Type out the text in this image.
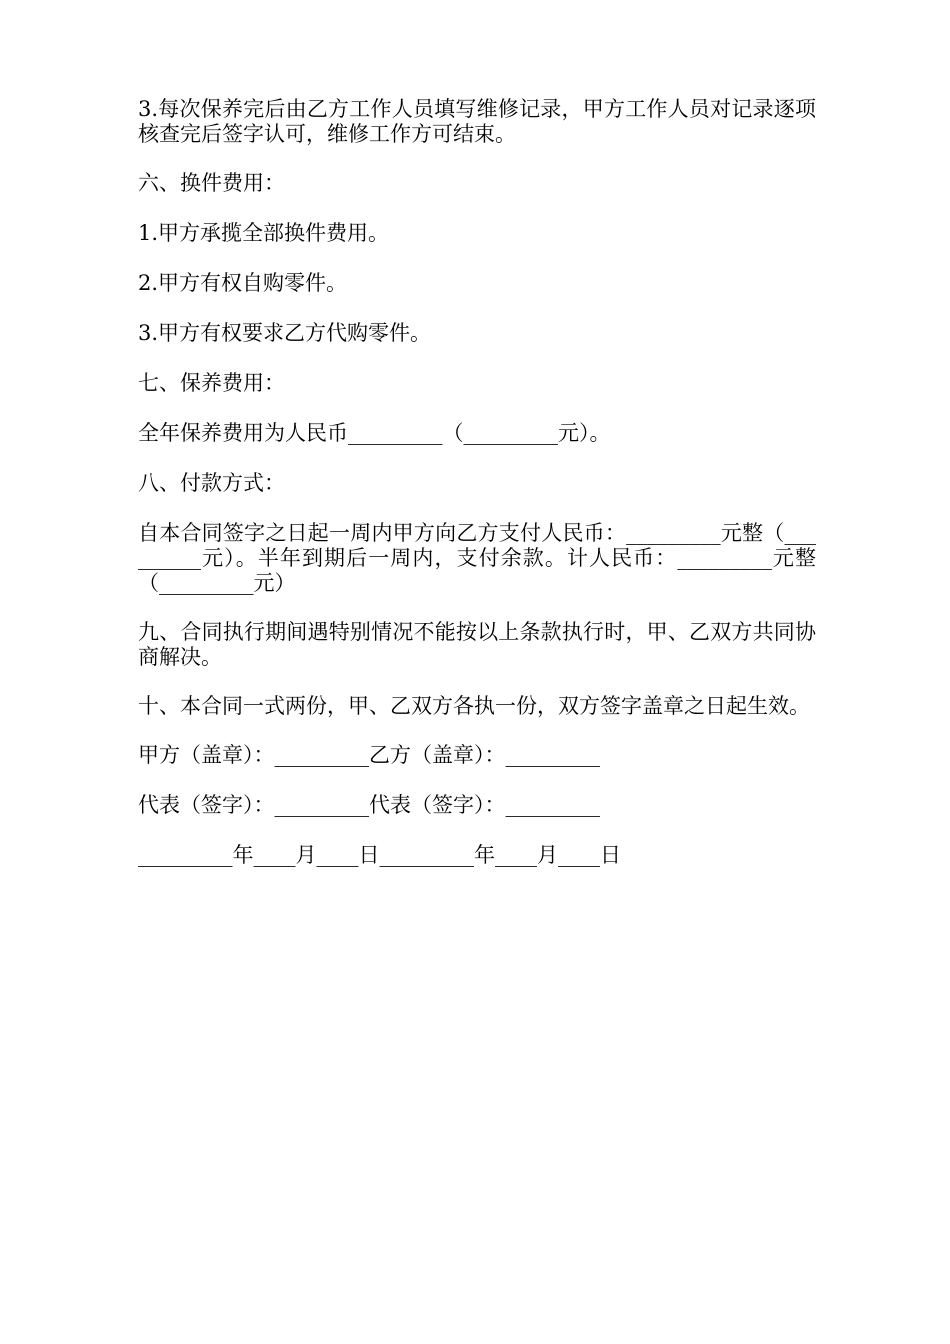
3.每次保养完后由乙方工作人员填写维修记录，甲方工作人员对记录逐项核查完后签字认可，维修工作方可结束。

六、换件费用：

1.甲方承揽全部换件费用。

2.甲方有权自购零件。

3.甲方有权要求乙方代购零件。

七、保养费用：

全年保养费用为人民币_________（_________元）。

八、付款方式：

自本合同签字之日起一周内甲方向乙方支付人民币：_________元整（_________元）。半年到期后一周内，支付余款。计人民币：_________元整（_________元）

九、合同执行期间遇特别情况不能按以上条款执行时，甲、乙双方共同协商解决。

十、本合同一式两份，甲、乙双方各执一份，双方签字盖章之日起生效。

甲方（盖章）：_________乙方（盖章）：_________

代表（签字）：_________代表（签字）：_________

_________年____月____日_________年____月____日
